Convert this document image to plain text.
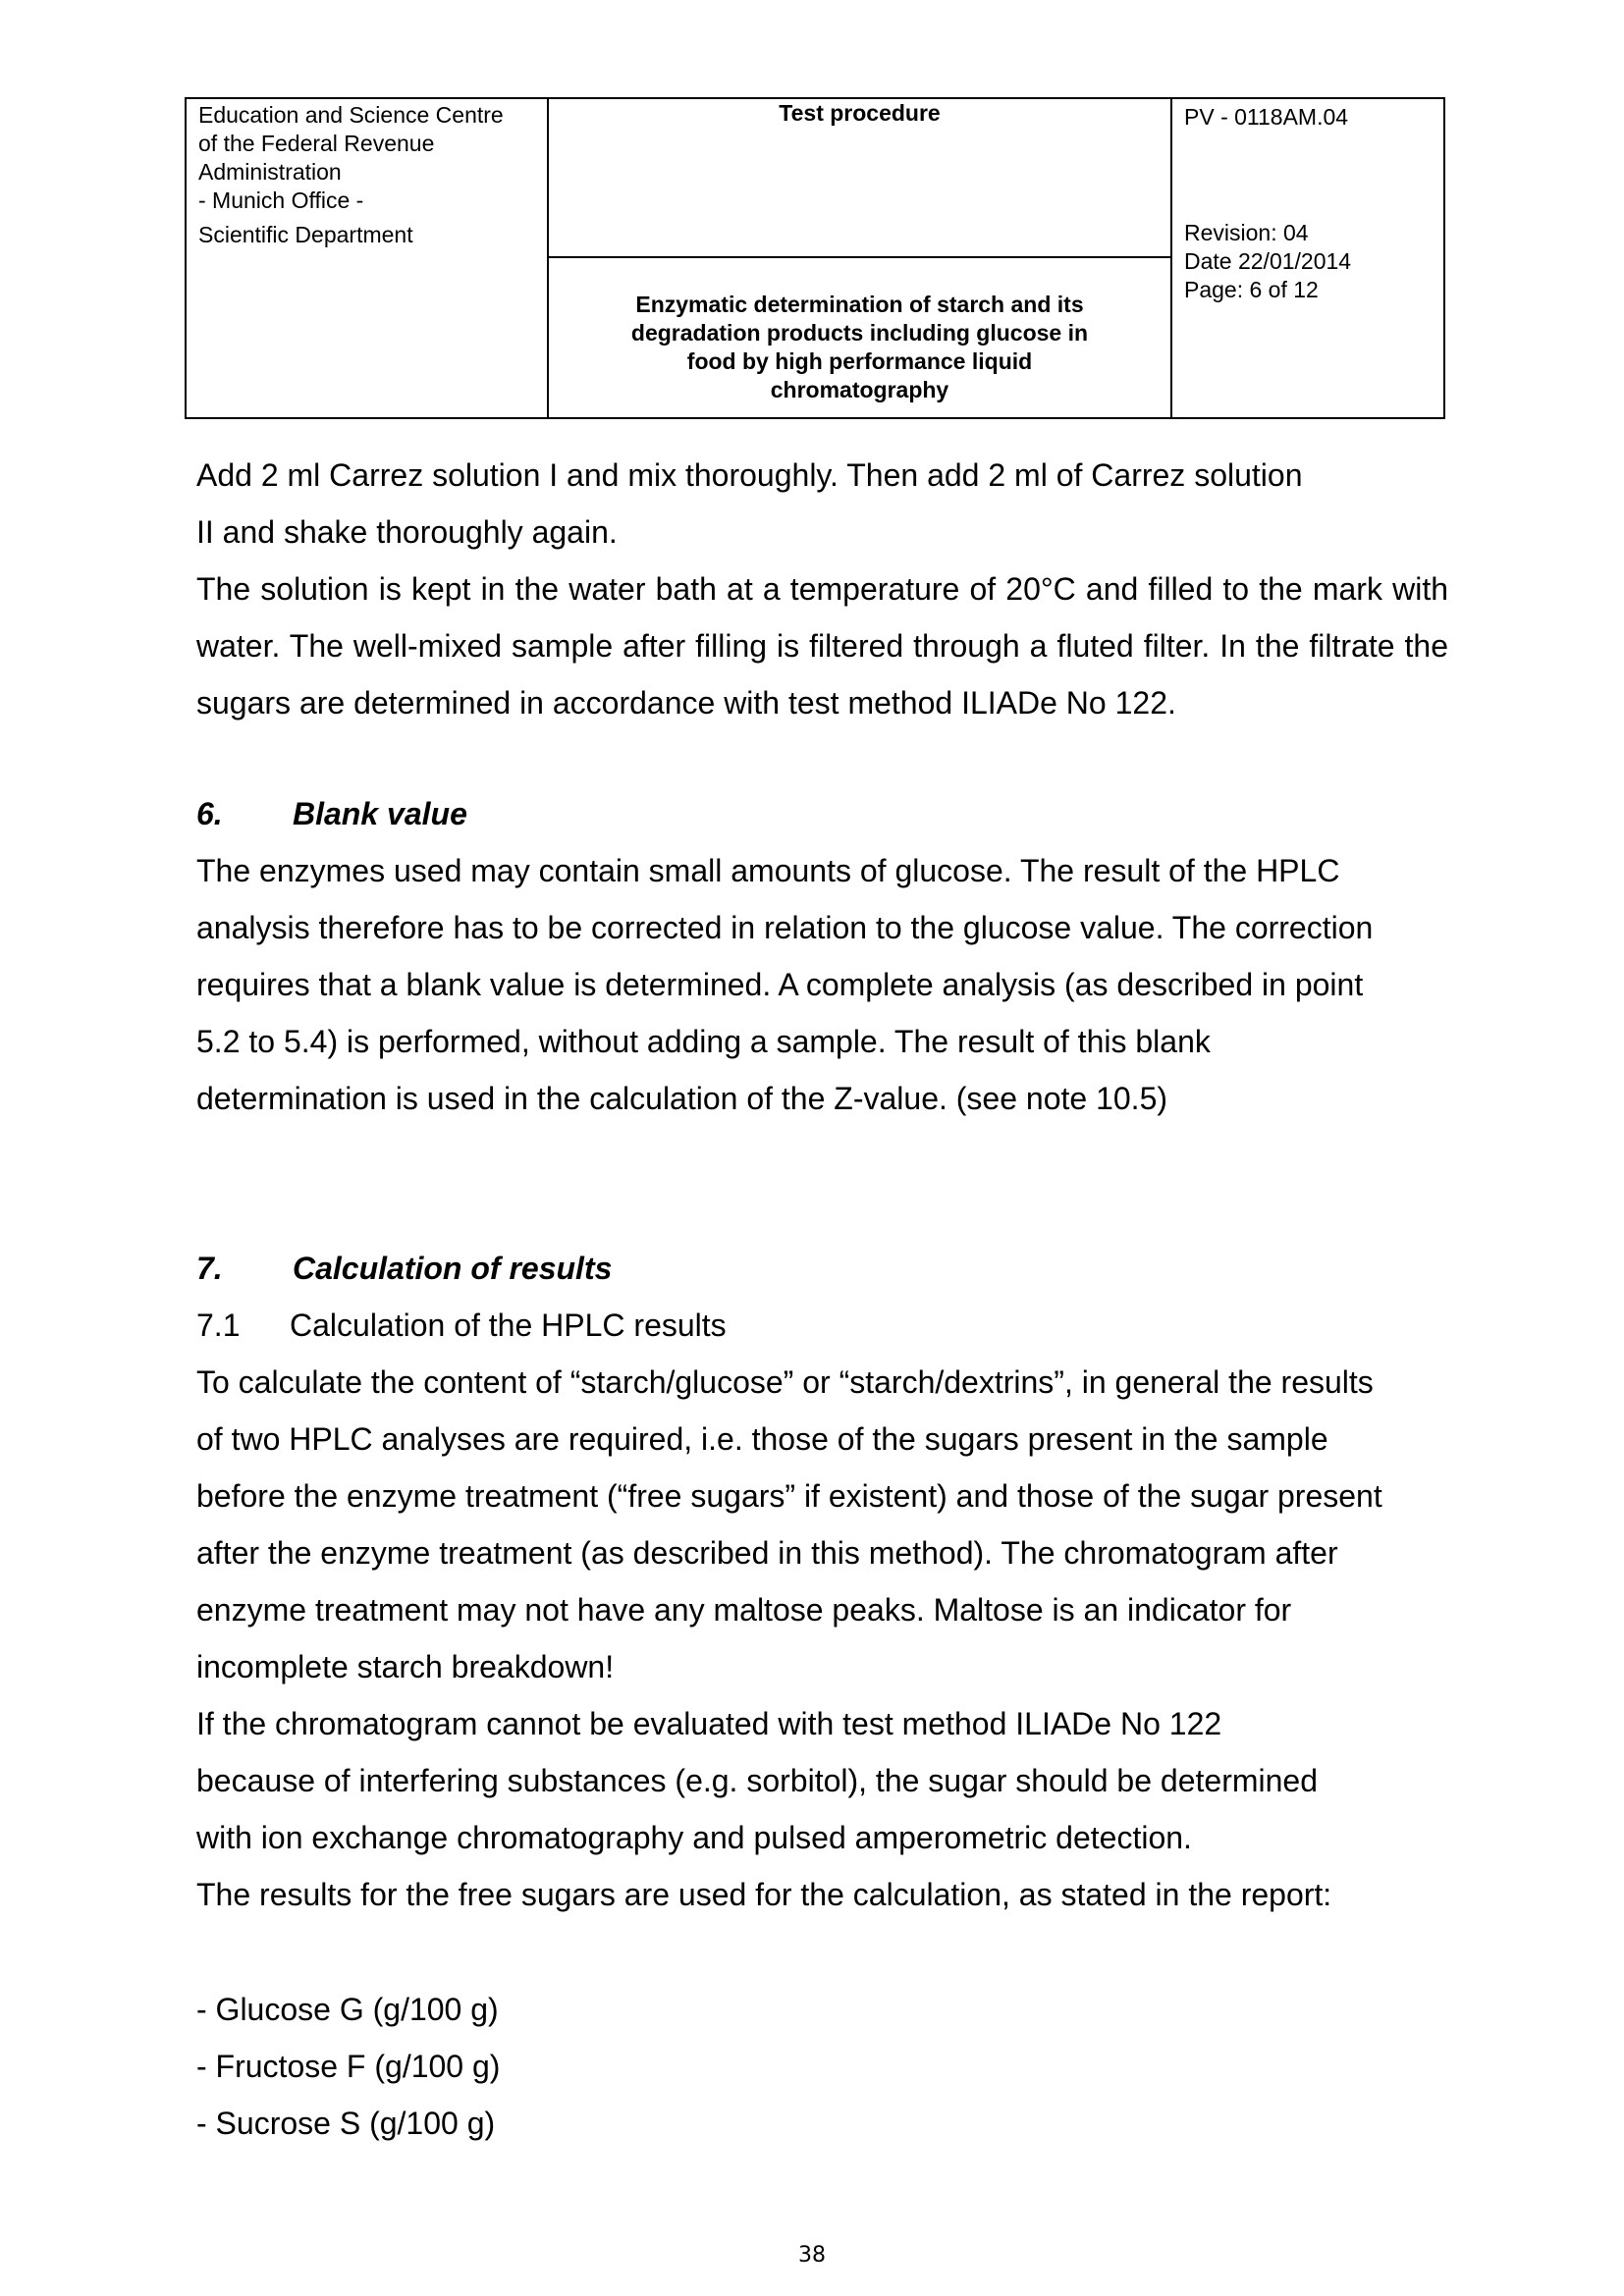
Education and Science Centre
of the Federal Revenue
Administration
- Munich Office -
Scientific Department
Test procedure	PV - 0118AM.04
Revision: 04
Date 22/01/2014
Page: 6 of 12
Enzymatic determination of starch and its
degradation products including glucose in
food by high performance liquid
chromatography

Add 2 ml Carrez solution I and mix thoroughly. Then add 2 ml of Carrez solution

II and shake thoroughly again.

The solution is kept in the water bath at a temperature of 20°C and filled to the mark with water. The well-mixed sample after filling is filtered through a fluted filter. In the filtrate the sugars are determined in accordance with test method ILIADe No 122.

6. Blank value

The enzymes used may contain small amounts of glucose. The result of the HPLC

analysis therefore has to be corrected in relation to the glucose value. The correction

requires that a blank value is determined. A complete analysis (as described in point

5.2 to 5.4) is performed, without adding a sample. The result of this blank

determination is used in the calculation of the Z-value. (see note 10.5)

7. Calculation of results

7.1 Calculation of the HPLC results

To calculate the content of “starch/glucose” or “starch/dextrins”, in general the results

of two HPLC analyses are required, i.e. those of the sugars present in the sample

before the enzyme treatment (“free sugars” if existent) and those of the sugar present

after the enzyme treatment (as described in this method). The chromatogram after

enzyme treatment may not have any maltose peaks. Maltose is an indicator for

incomplete starch breakdown!

If the chromatogram cannot be evaluated with test method ILIADe No 122

because of interfering substances (e.g. sorbitol), the sugar should be determined

with ion exchange chromatography and pulsed amperometric detection.

The results for the free sugars are used for the calculation, as stated in the report:

- Glucose G (g/100 g)

- Fructose F (g/100 g)

- Sucrose S (g/100 g)

38
